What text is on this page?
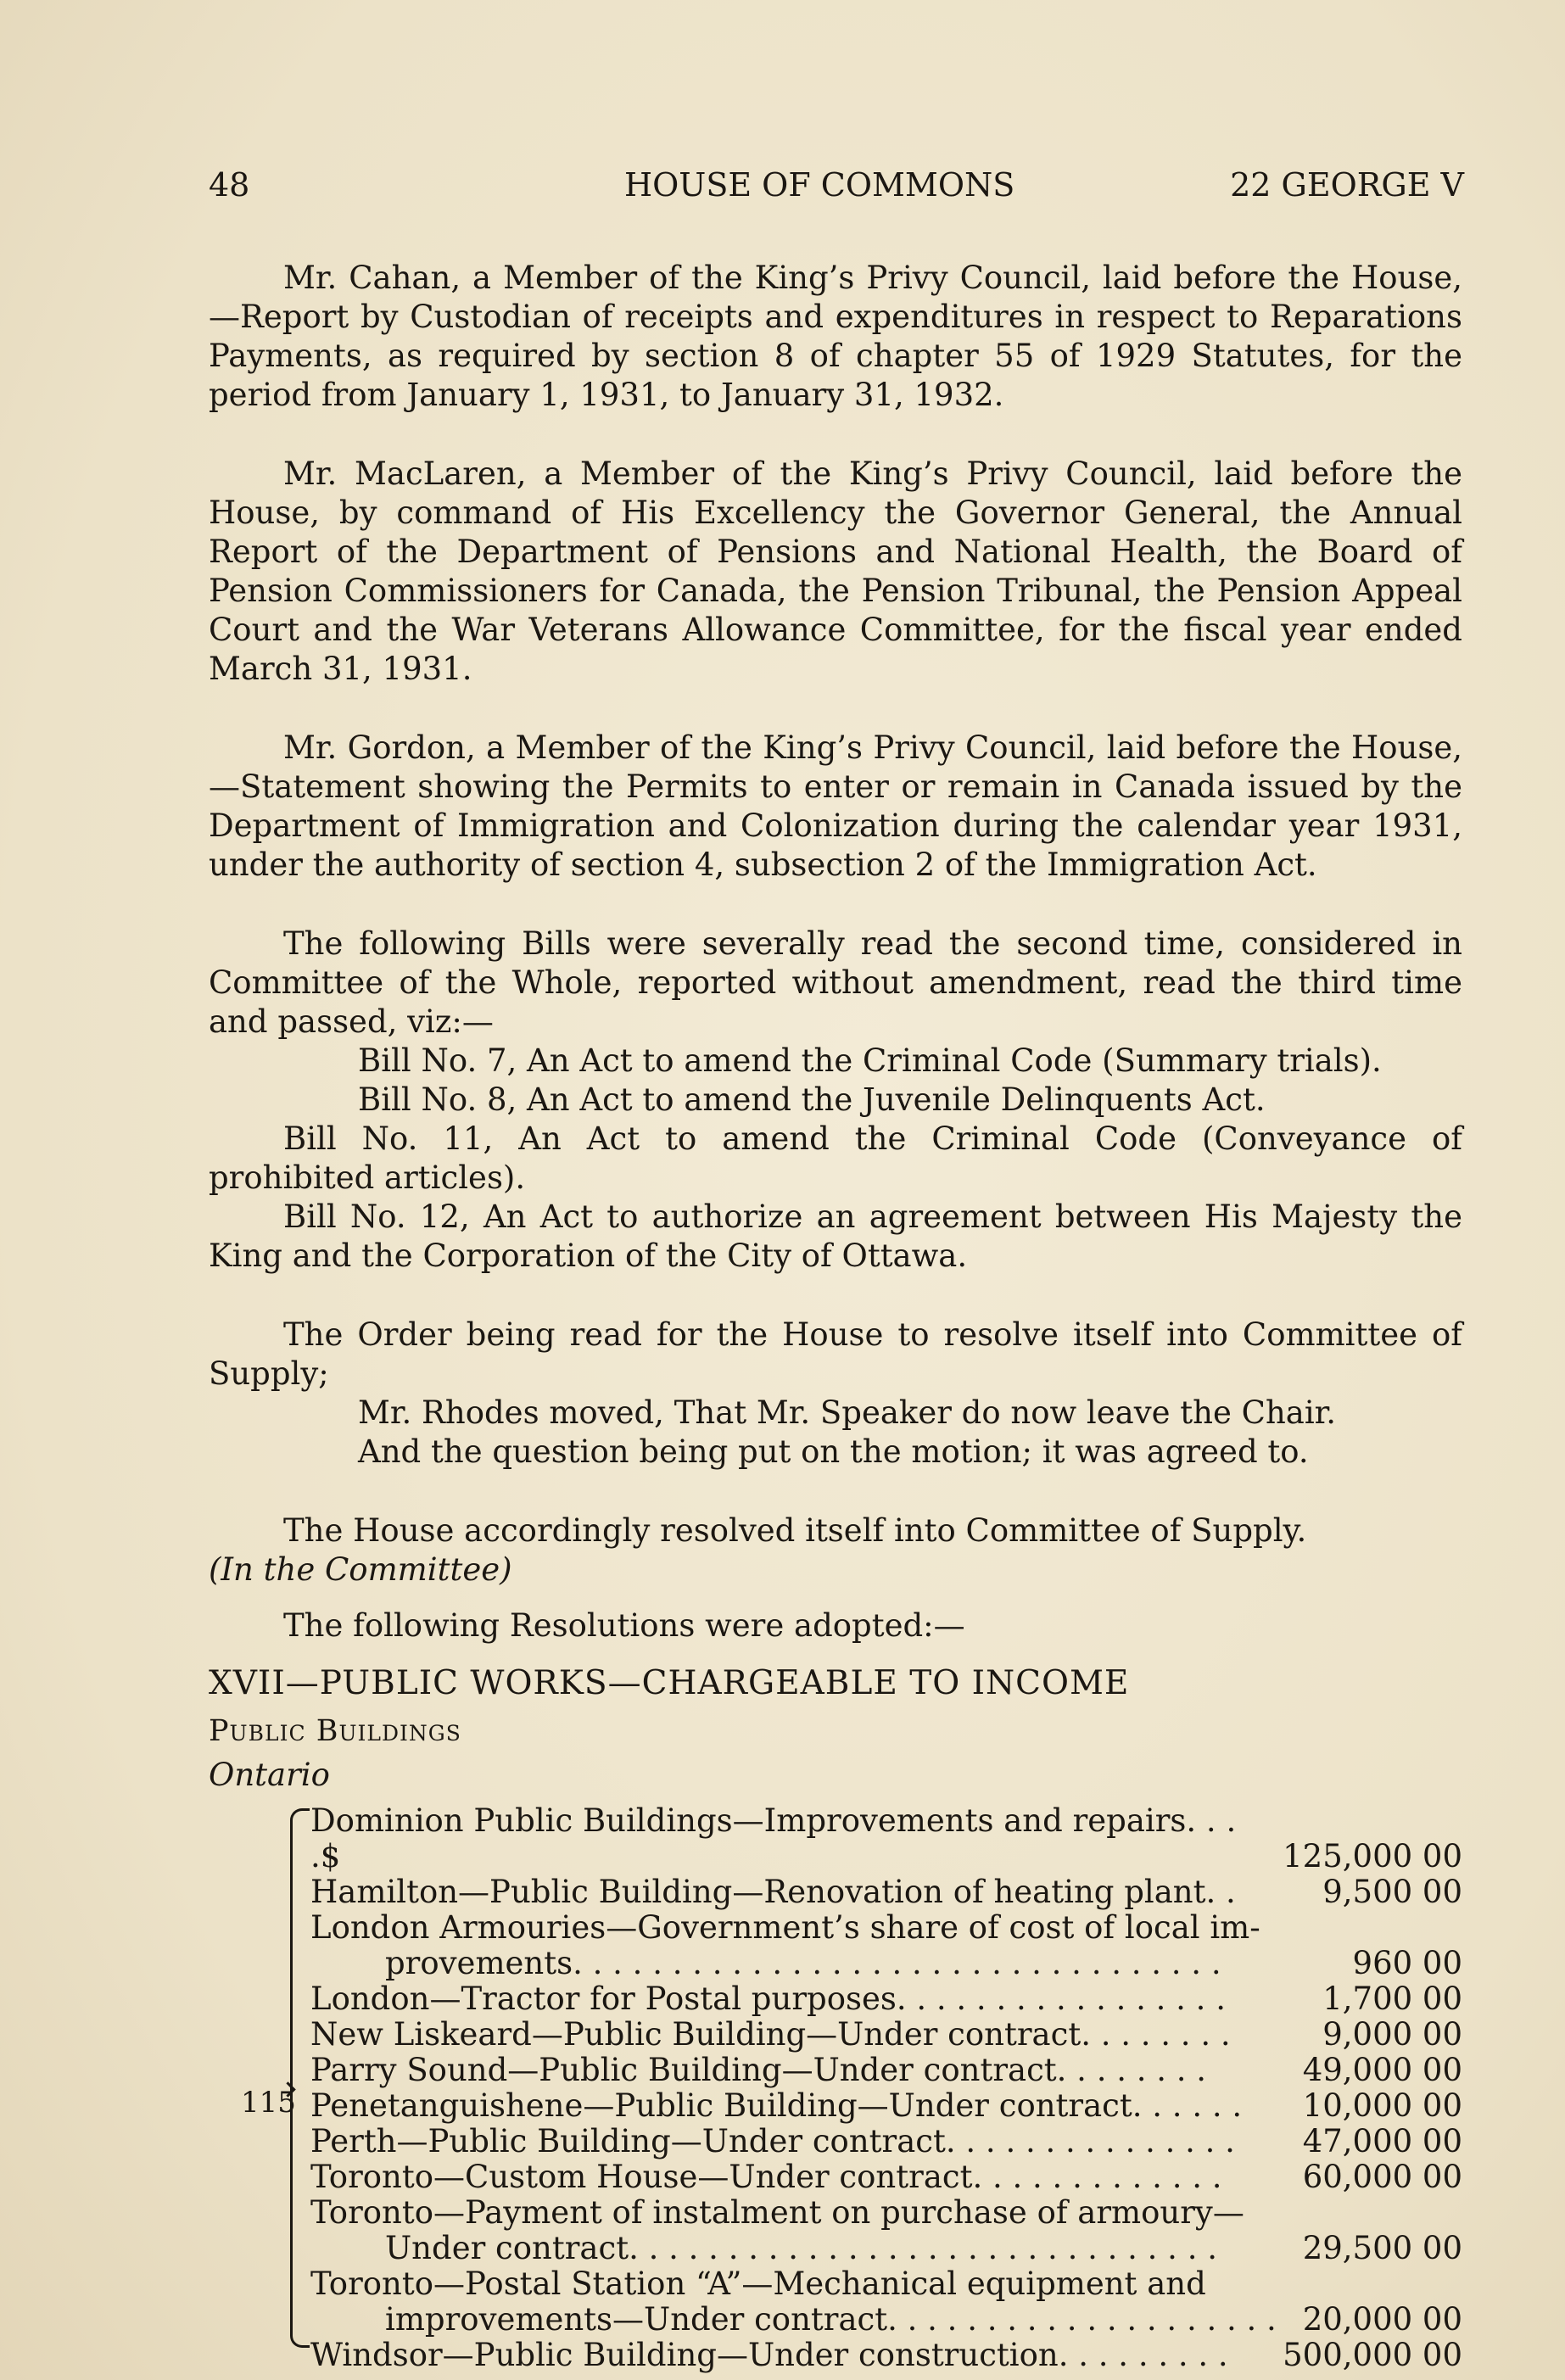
48	HOUSE OF COMMONS	22 GEORGE V

Mr. Cahan, a Member of the King’s Privy Council, laid before the House,—Report by Custodian of receipts and expenditures in respect to Reparations Payments, as required by section 8 of chapter 55 of 1929 Statutes, for the period from January 1, 1931, to January 31, 1932.

Mr. MacLaren, a Member of the King’s Privy Council, laid before the House, by command of His Excellency the Governor General, the Annual Report of the Department of Pensions and National Health, the Board of Pension Commissioners for Canada, the Pension Tribunal, the Pension Appeal Court and the War Veterans Allowance Committee, for the fiscal year ended March 31, 1931.

Mr. Gordon, a Member of the King’s Privy Council, laid before the House, —Statement showing the Permits to enter or remain in Canada issued by the Department of Immigration and Colonization during the calendar year 1931, under the authority of section 4, subsection 2 of the Immigration Act.

The following Bills were severally read the second time, considered in Committee of the Whole, reported without amendment, read the third time and passed, viz:—

Bill No. 7, An Act to amend the Criminal Code (Summary trials).

Bill No. 8, An Act to amend the Juvenile Delinquents Act.

Bill No. 11, An Act to amend the Criminal Code (Conveyance of prohibited articles).

Bill No. 12, An Act to authorize an agreement between His Majesty the King and the Corporation of the City of Ottawa.

The Order being read for the House to resolve itself into Committee of Supply;

Mr. Rhodes moved, That Mr. Speaker do now leave the Chair.

And the question being put on the motion; it was agreed to.

The House accordingly resolved itself into Committee of Supply.

(In the Committee)

The following Resolutions were adopted:—

XVII—PUBLIC WORKS—CHARGEABLE TO INCOME

Public Buildings

Ontario

115
Dominion Public Buildings—Improvements and repairs. . . .$	125,000 00
Hamilton—Public Building—Renovation of heating plant. .	9,500 00
London Armouries—Government’s share of cost of local im-
provements. . . . . . . . . . . . . . . . . . . . . . . . . . . . . . . . .	960 00
London—Tractor for Postal purposes. . . . . . . . . . . . . . . . .	1,700 00
New Liskeard—Public Building—Under contract. . . . . . . .	9,000 00
Parry Sound—Public Building—Under contract. . . . . . . .	49,000 00
Penetanguishene—Public Building—Under contract. . . . . .	10,000 00
Perth—Public Building—Under contract. . . . . . . . . . . . . . .	47,000 00
Toronto—Custom House—Under contract. . . . . . . . . . . . .	60,000 00
Toronto—Payment of instalment on purchase of armoury—
Under contract. . . . . . . . . . . . . . . . . . . . . . . . . . . . . .	29,500 00
Toronto—Postal Station “A”—Mechanical equipment and
improvements—Under contract. . . . . . . . . . . . . . . . . . . . 20,000 00
Windsor—Public Building—Under construction. . . . . . . . .	500,000 00
